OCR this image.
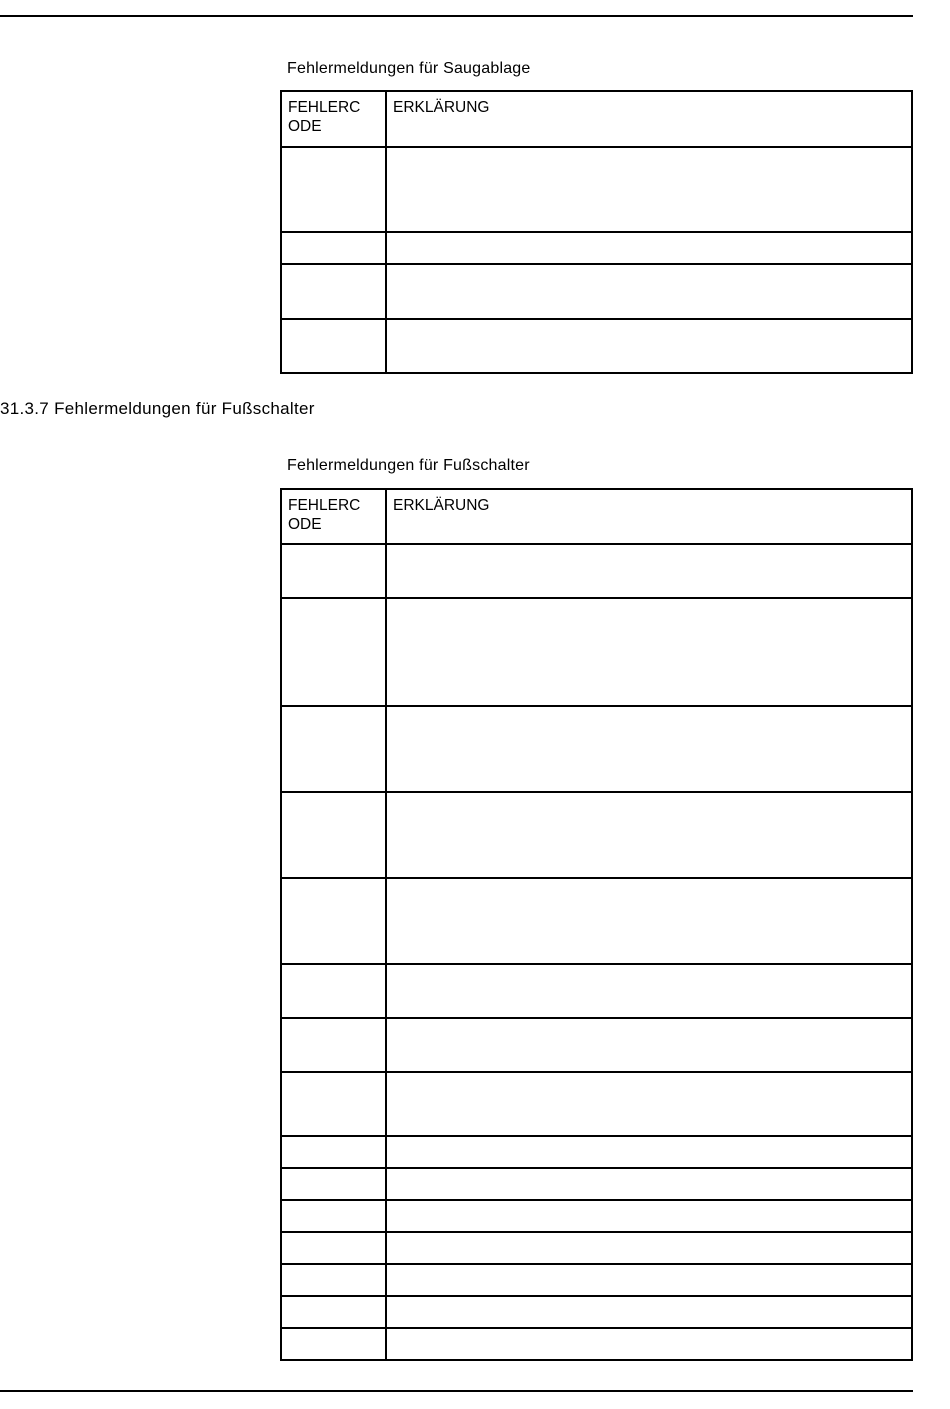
Fehlermeldungen für Saugablage
FEHLERC ODE	ERKLÄRUNG

31.3.7 Fehlermeldungen für Fußschalter
Fehlermeldungen für Fußschalter
FEHLERC ODE	ERKLÄRUNG
